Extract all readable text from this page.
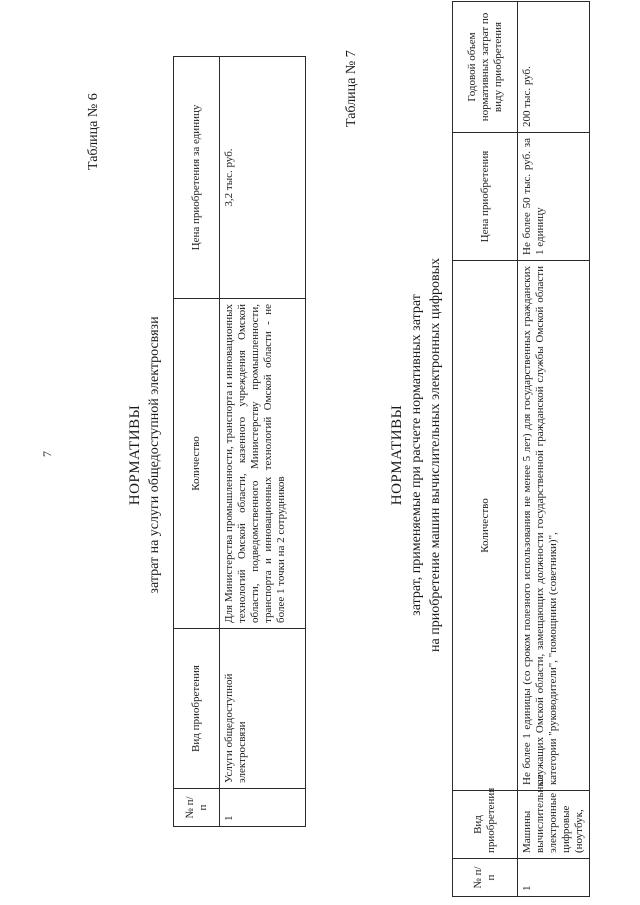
7
Таблица № 6
НОРМАТИВЫ затрат на услуги общедоступной электросвязи
№ п/п	Вид приобретения	Количество	Цена приобретения за единицу
1	Услуги общедоступной электросвязи	Для Министерства промышленности, транспорта и инновационных технологий Омской области, казенного учреждения Омской области, подведомственного Министерству промышленности, транспорта и инновационных технологий Омской области - не более 1 точки на 2 сотрудников	3,2 тыс. руб.
Таблица № 7
НОРМАТИВЫ затрат, применяемые при расчете нормативных затрат на приобретение машин вычислительных электронных цифровых
№ п/п	Вид приобретения	Количество	Цена приобретения	Годовой объем нормативных затрат по виду приобретения
1	Машины вычислительные электронные цифровые (ноутбук,	Не более 1 единицы (со сроком полезного использования не менее 5 лет) для государственных гражданских служащих Омской области, замещающих должности государственной гражданской службы Омской области категории "руководители", "помощники (советники)",	Не более 50 тыс. руб. за 1 единицу	200 тыс. руб.
